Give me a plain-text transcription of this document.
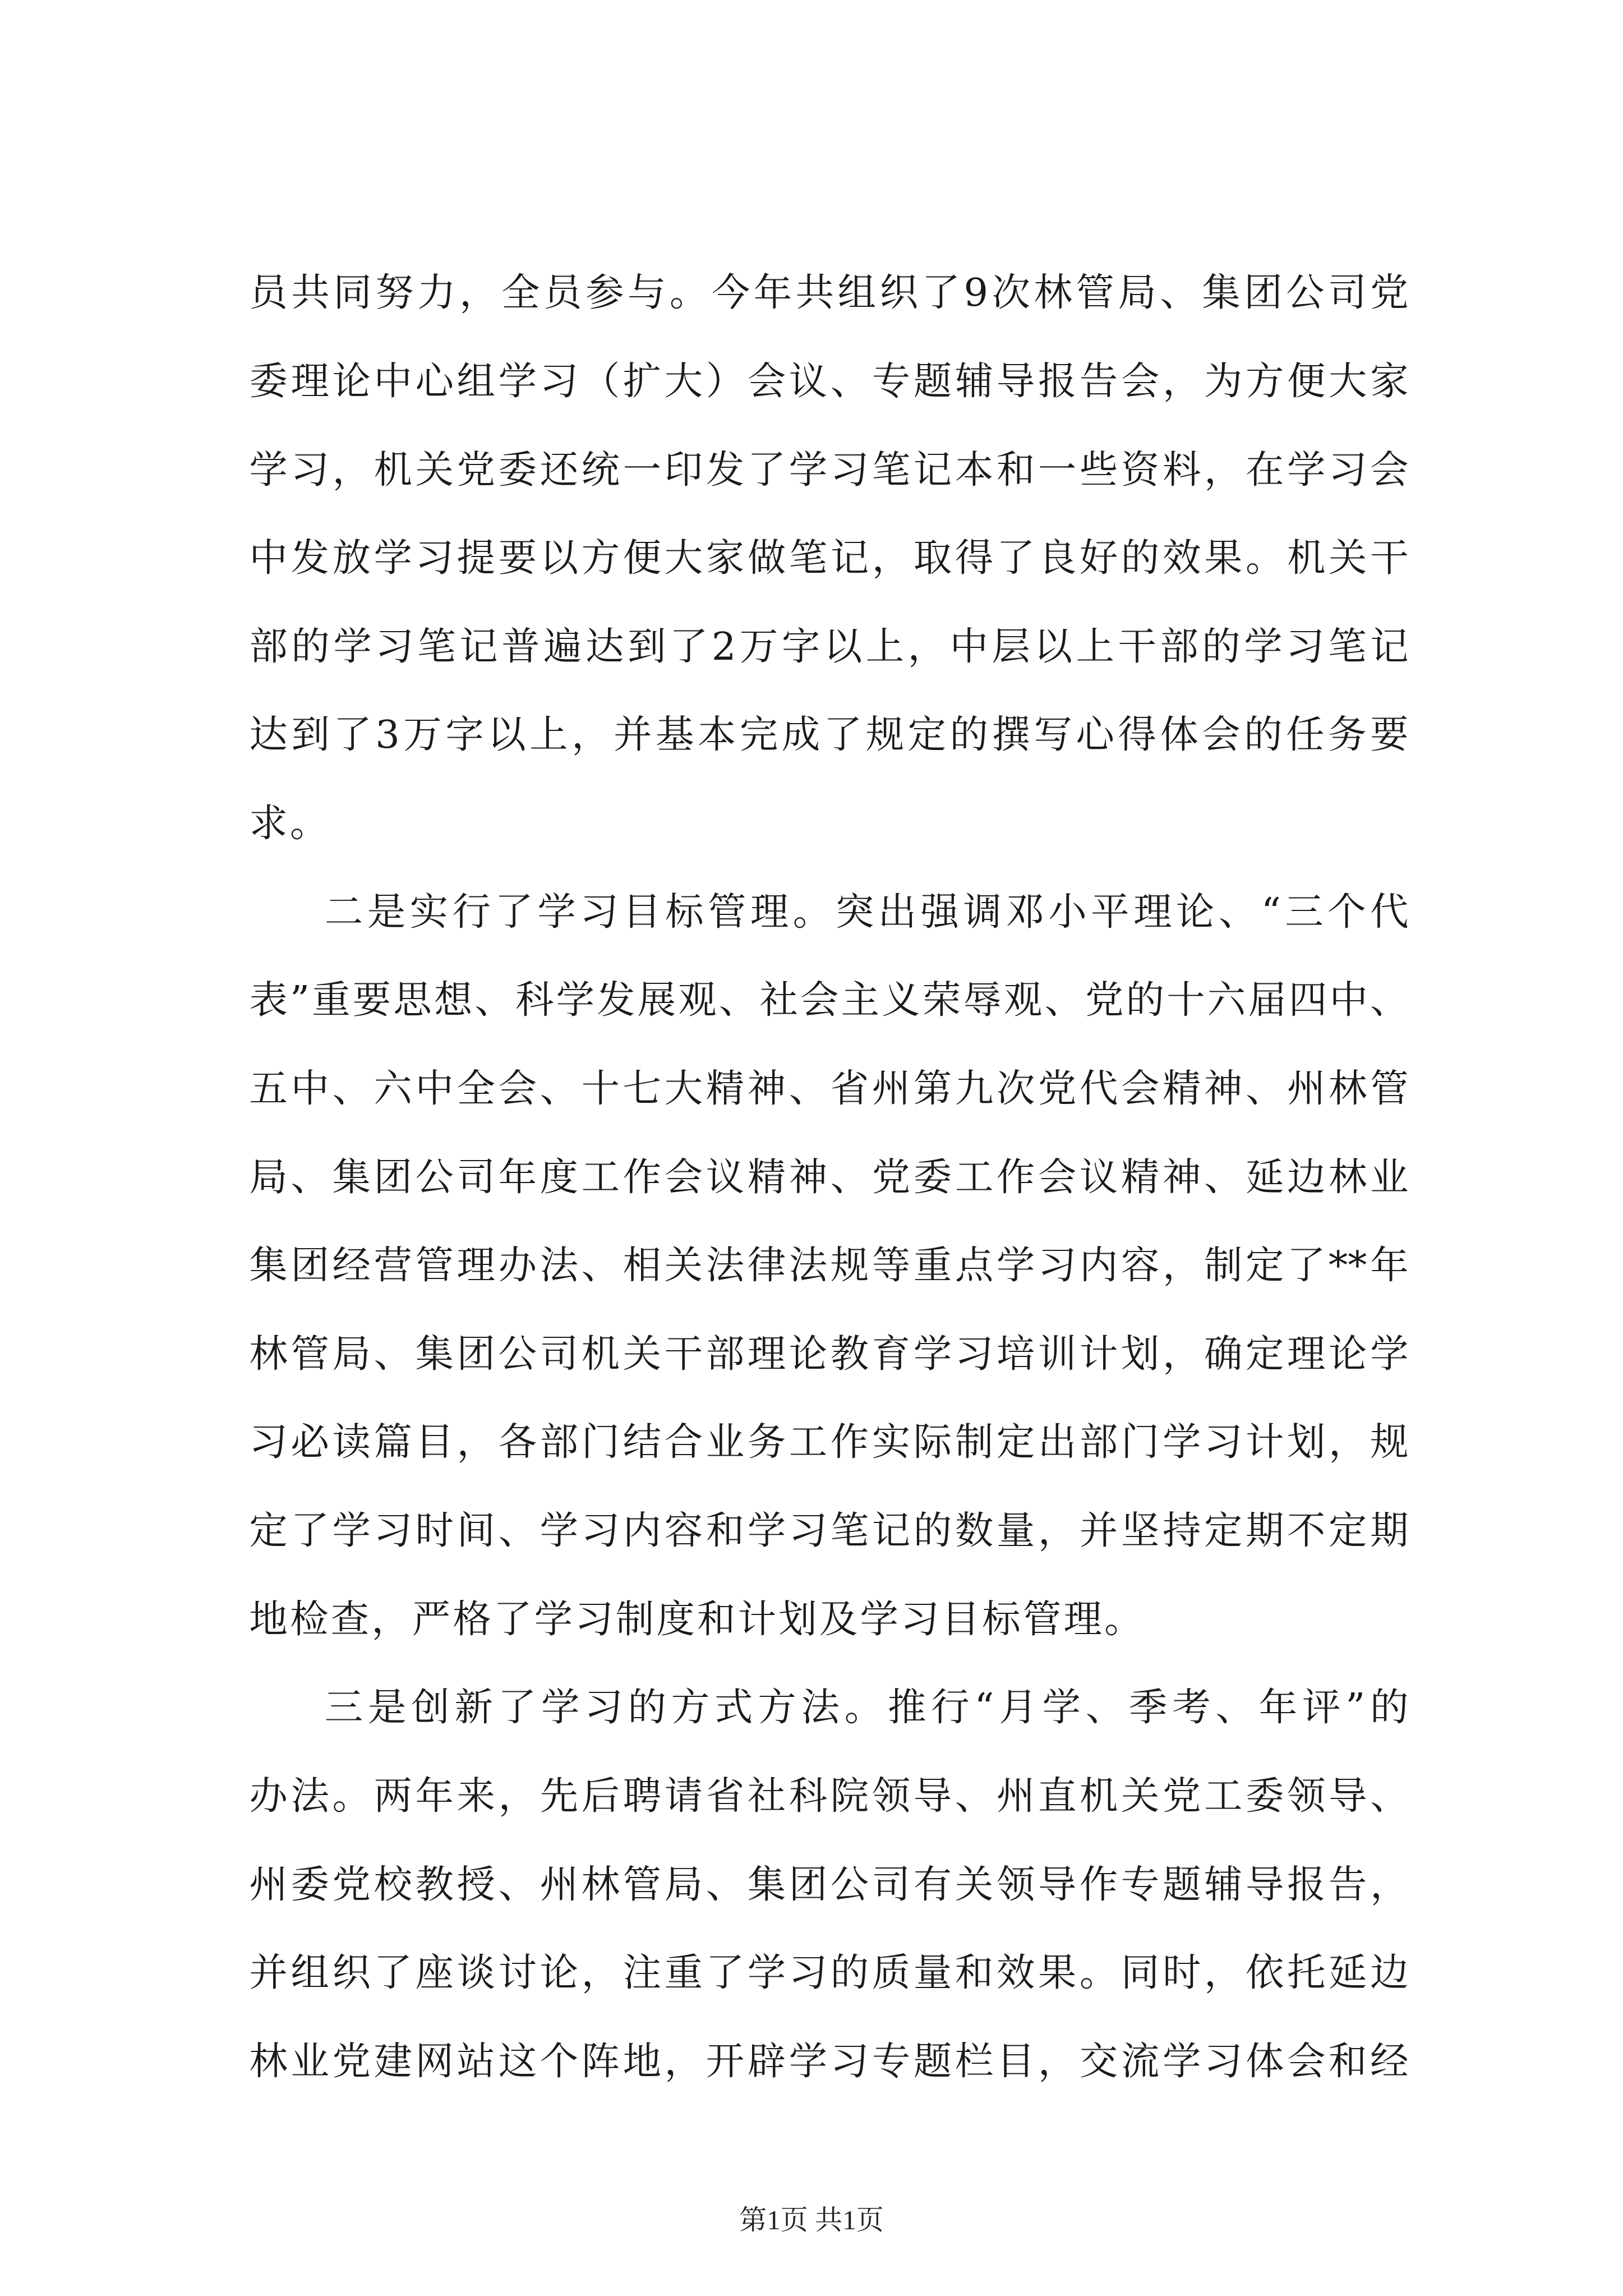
员共同努力，全员参与。今年共组织了9次林管局、集团公司党
委理论中心组学习（扩大）会议、专题辅导报告会，为方便大家
学习，机关党委还统一印发了学习笔记本和一些资料，在学习会
中发放学习提要以方便大家做笔记，取得了良好的效果。机关干
部的学习笔记普遍达到了2万字以上，中层以上干部的学习笔记
达到了3万字以上，并基本完成了规定的撰写心得体会的任务要
求。
二是实行了学习目标管理。突出强调邓小平理论、“三个代
表”重要思想、科学发展观、社会主义荣辱观、党的十六届四中、
五中、六中全会、十七大精神、省州第九次党代会精神、州林管
局、集团公司年度工作会议精神、党委工作会议精神、延边林业
集团经营管理办法、相关法律法规等重点学习内容，制定了**年
林管局、集团公司机关干部理论教育学习培训计划，确定理论学
习必读篇目，各部门结合业务工作实际制定出部门学习计划，规
定了学习时间、学习内容和学习笔记的数量，并坚持定期不定期
地检查，严格了学习制度和计划及学习目标管理。
三是创新了学习的方式方法。推行“月学、季考、年评”的
办法。两年来，先后聘请省社科院领导、州直机关党工委领导、
州委党校教授、州林管局、集团公司有关领导作专题辅导报告，
并组织了座谈讨论，注重了学习的质量和效果。同时，依托延边
林业党建网站这个阵地，开辟学习专题栏目，交流学习体会和经
第1页 共1页
